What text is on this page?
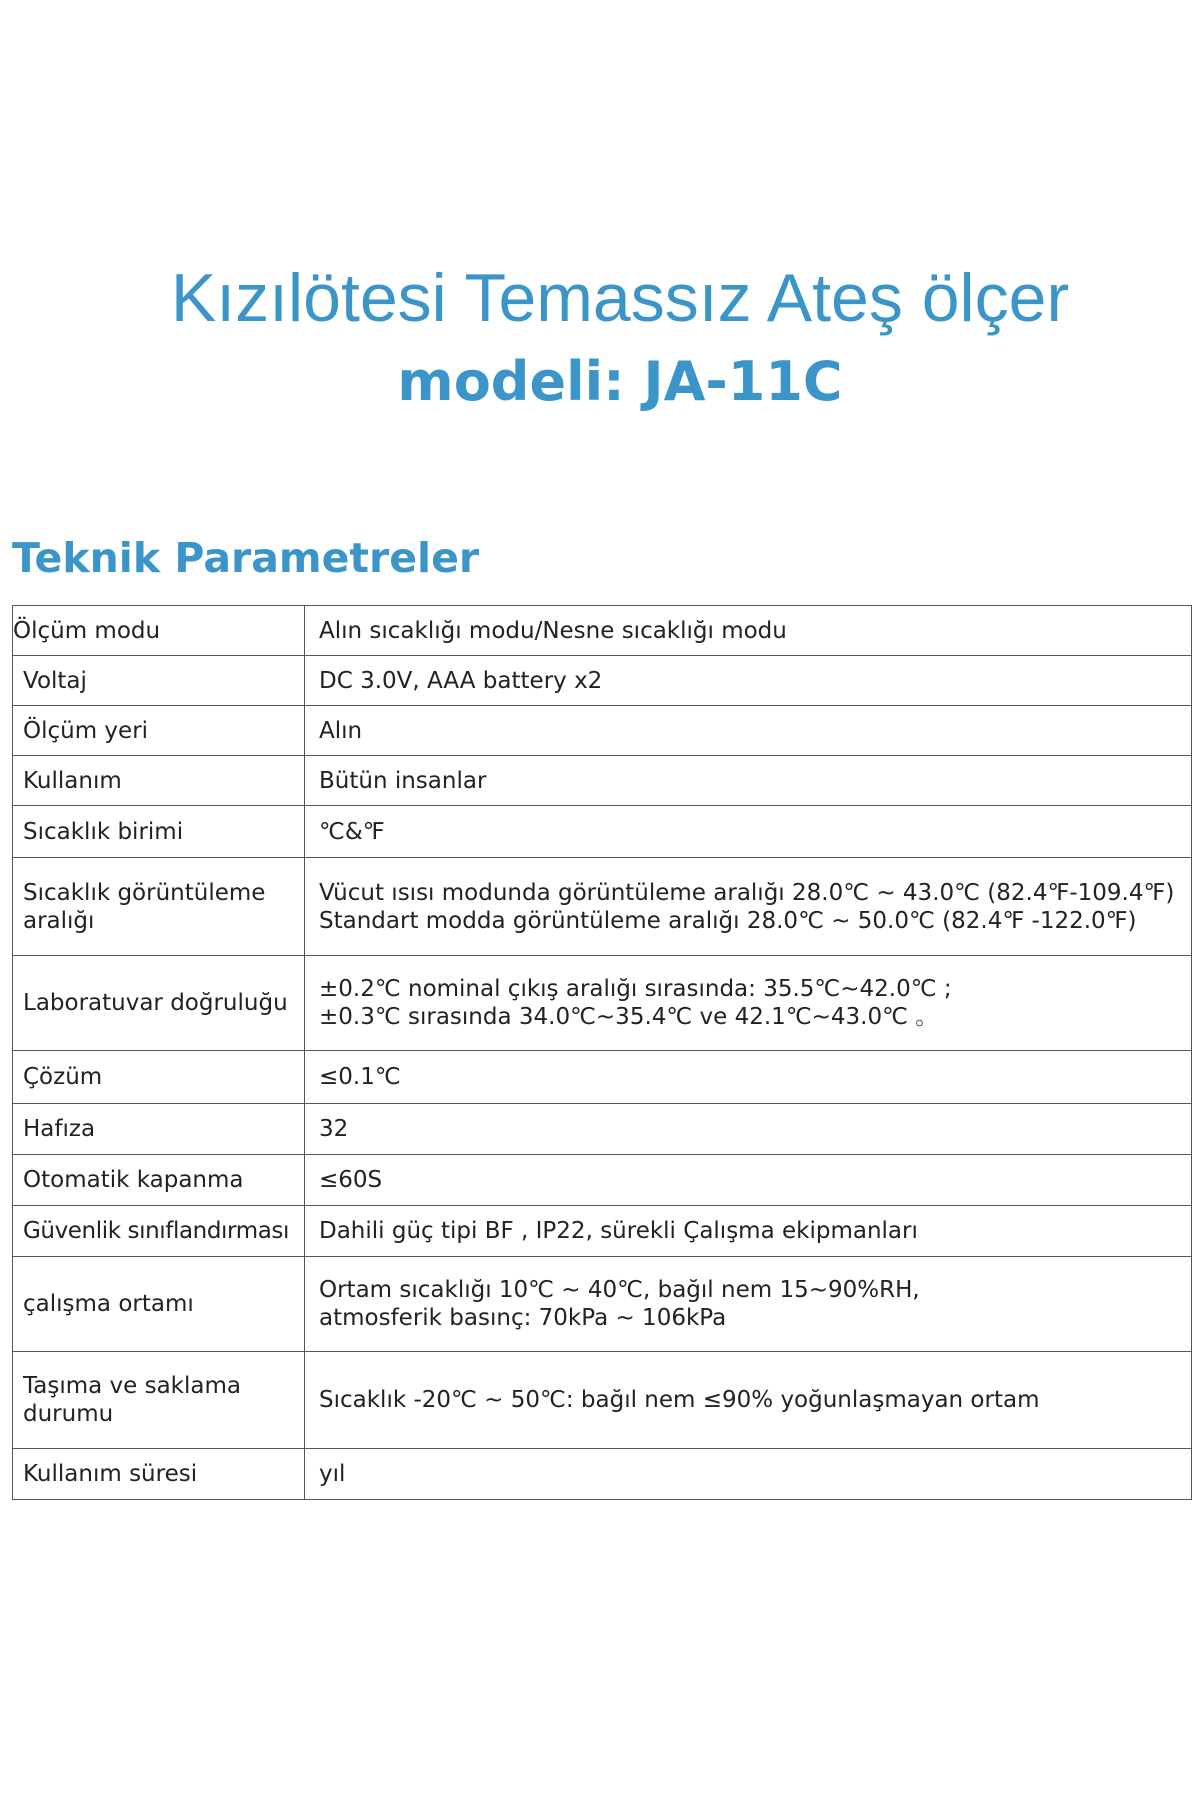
Kızılötesi Temassız Ateş ölçer
modeli: JA-11C
Teknik Parametreler
Ölçüm modu	Alın sıcaklığı modu/Nesne sıcaklığı modu

Voltaj	DC 3.0V, AAA battery x2

Ölçüm yeri	Alın

Kullanım	Bütün insanlar

Sıcaklık birimi	℃&℉

Sıcaklık görüntüleme aralığı	Vücut ısısı modunda görüntüleme aralığı 28.0℃ ~ 43.0℃ (82.4℉-109.4℉)
Standart modda görüntüleme aralığı 28.0℃ ~ 50.0℃ (82.4℉ -122.0℉)

Laboratuvar doğruluğu	±0.2℃ nominal çıkış aralığı sırasında: 35.5℃~42.0℃ ;
±0.3℃ sırasında 34.0℃~35.4℃ ve 42.1℃~43.0℃ 。

Çözüm	≤0.1℃

Hafıza	32

Otomatik kapanma	≤60S

Güvenlik sınıflandırması	Dahili güç tipi BF , IP22, sürekli Çalışma ekipmanları

çalışma ortamı	Ortam sıcaklığı 10℃ ~ 40℃, bağıl nem 15~90%RH,
atmosferik basınç: 70kPa ~ 106kPa

Taşıma ve saklama durumu	Sıcaklık -20℃ ~ 50℃: bağıl nem ≤90% yoğunlaşmayan ortam

Kullanım süresi	yıl
